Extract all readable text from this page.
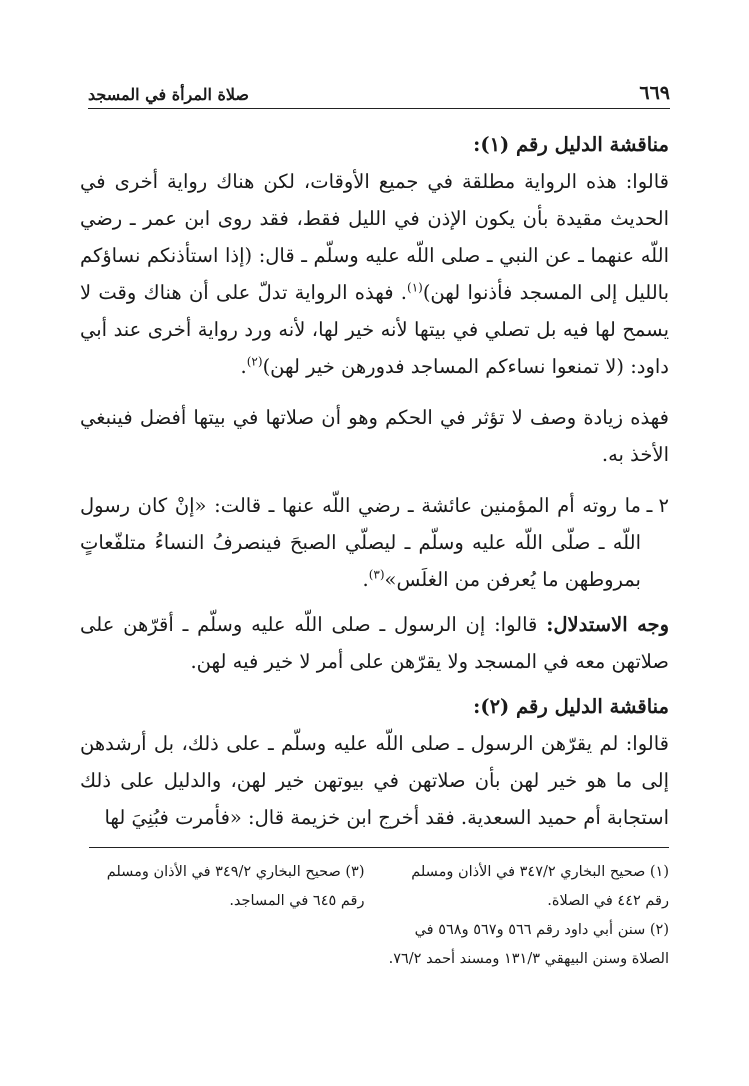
٦٦٩
صلاة المرأة في المسجد

مناقشة الدليل رقم (١):

قالوا: هذه الرواية مطلقة في جميع الأوقات، لكن هناك رواية أخرى في الحديث مقيدة بأن يكون الإذن في الليل فقط، فقد روى ابن عمر ـ رضي اللّه عنهما ـ عن النبي ـ صلى اللّه عليه وسلّم ـ قال: (إذا استأذنكم نساؤكم بالليل إلى المسجد فأذنوا لهن)$^{(١)}$. فهذه الرواية تدلّ على أن هناك وقت لا يسمح لها فيه بل تصلي في بيتها لأنه خير لها، لأنه ورد رواية أخرى عند أبي داود: (لا تمنعوا نساءكم المساجد فدورهن خير لهن)$^{(٢)}$.

فهذه زيادة وصف لا تؤثر في الحكم وهو أن صلاتها في بيتها أفضل فينبغي الأخذ به.

٢ ـ

ما روته أم المؤمنين عائشة ـ رضي اللّه عنها ـ قالت: «إنْ كان رسول اللّه ـ صلّى اللّه عليه وسلّم ـ ليصلّي الصبحَ فينصرفُ النساءُ متلفّعاتٍ بمروطهن ما يُعرفن من الغلَس»$^{(٣)}$.

وجه الاستدلال: قالوا: إن الرسول ـ صلى اللّه عليه وسلّم ـ أقرّهن على صلاتهن معه في المسجد ولا يقرّهن على أمر لا خير فيه لهن.

مناقشة الدليل رقم (٢):

قالوا: لم يقرّهن الرسول ـ صلى اللّه عليه وسلّم ـ على ذلك، بل أرشدهن إلى ما هو خير لهن بأن صلاتهن في بيوتهن خير لهن، والدليل على ذلك استجابة أم حميد السعدية. فقد أخرج ابن خزيمة قال: «فأمرت فبُنِيَ لها

(١) صحيح البخاري ٣٤٧/٢ في الأذان ومسلم رقم ٤٤٢ في الصلاة.

(٢) سنن أبي داود رقم ٥٦٦ و٥٦٧ و٥٦٨ في الصلاة وسنن البيهقي ١٣١/٣ ومسند أحمد ٧٦/٢.

(٣) صحيح البخاري ٣٤٩/٢ في الأذان ومسلم رقم ٦٤٥ في المساجد.
